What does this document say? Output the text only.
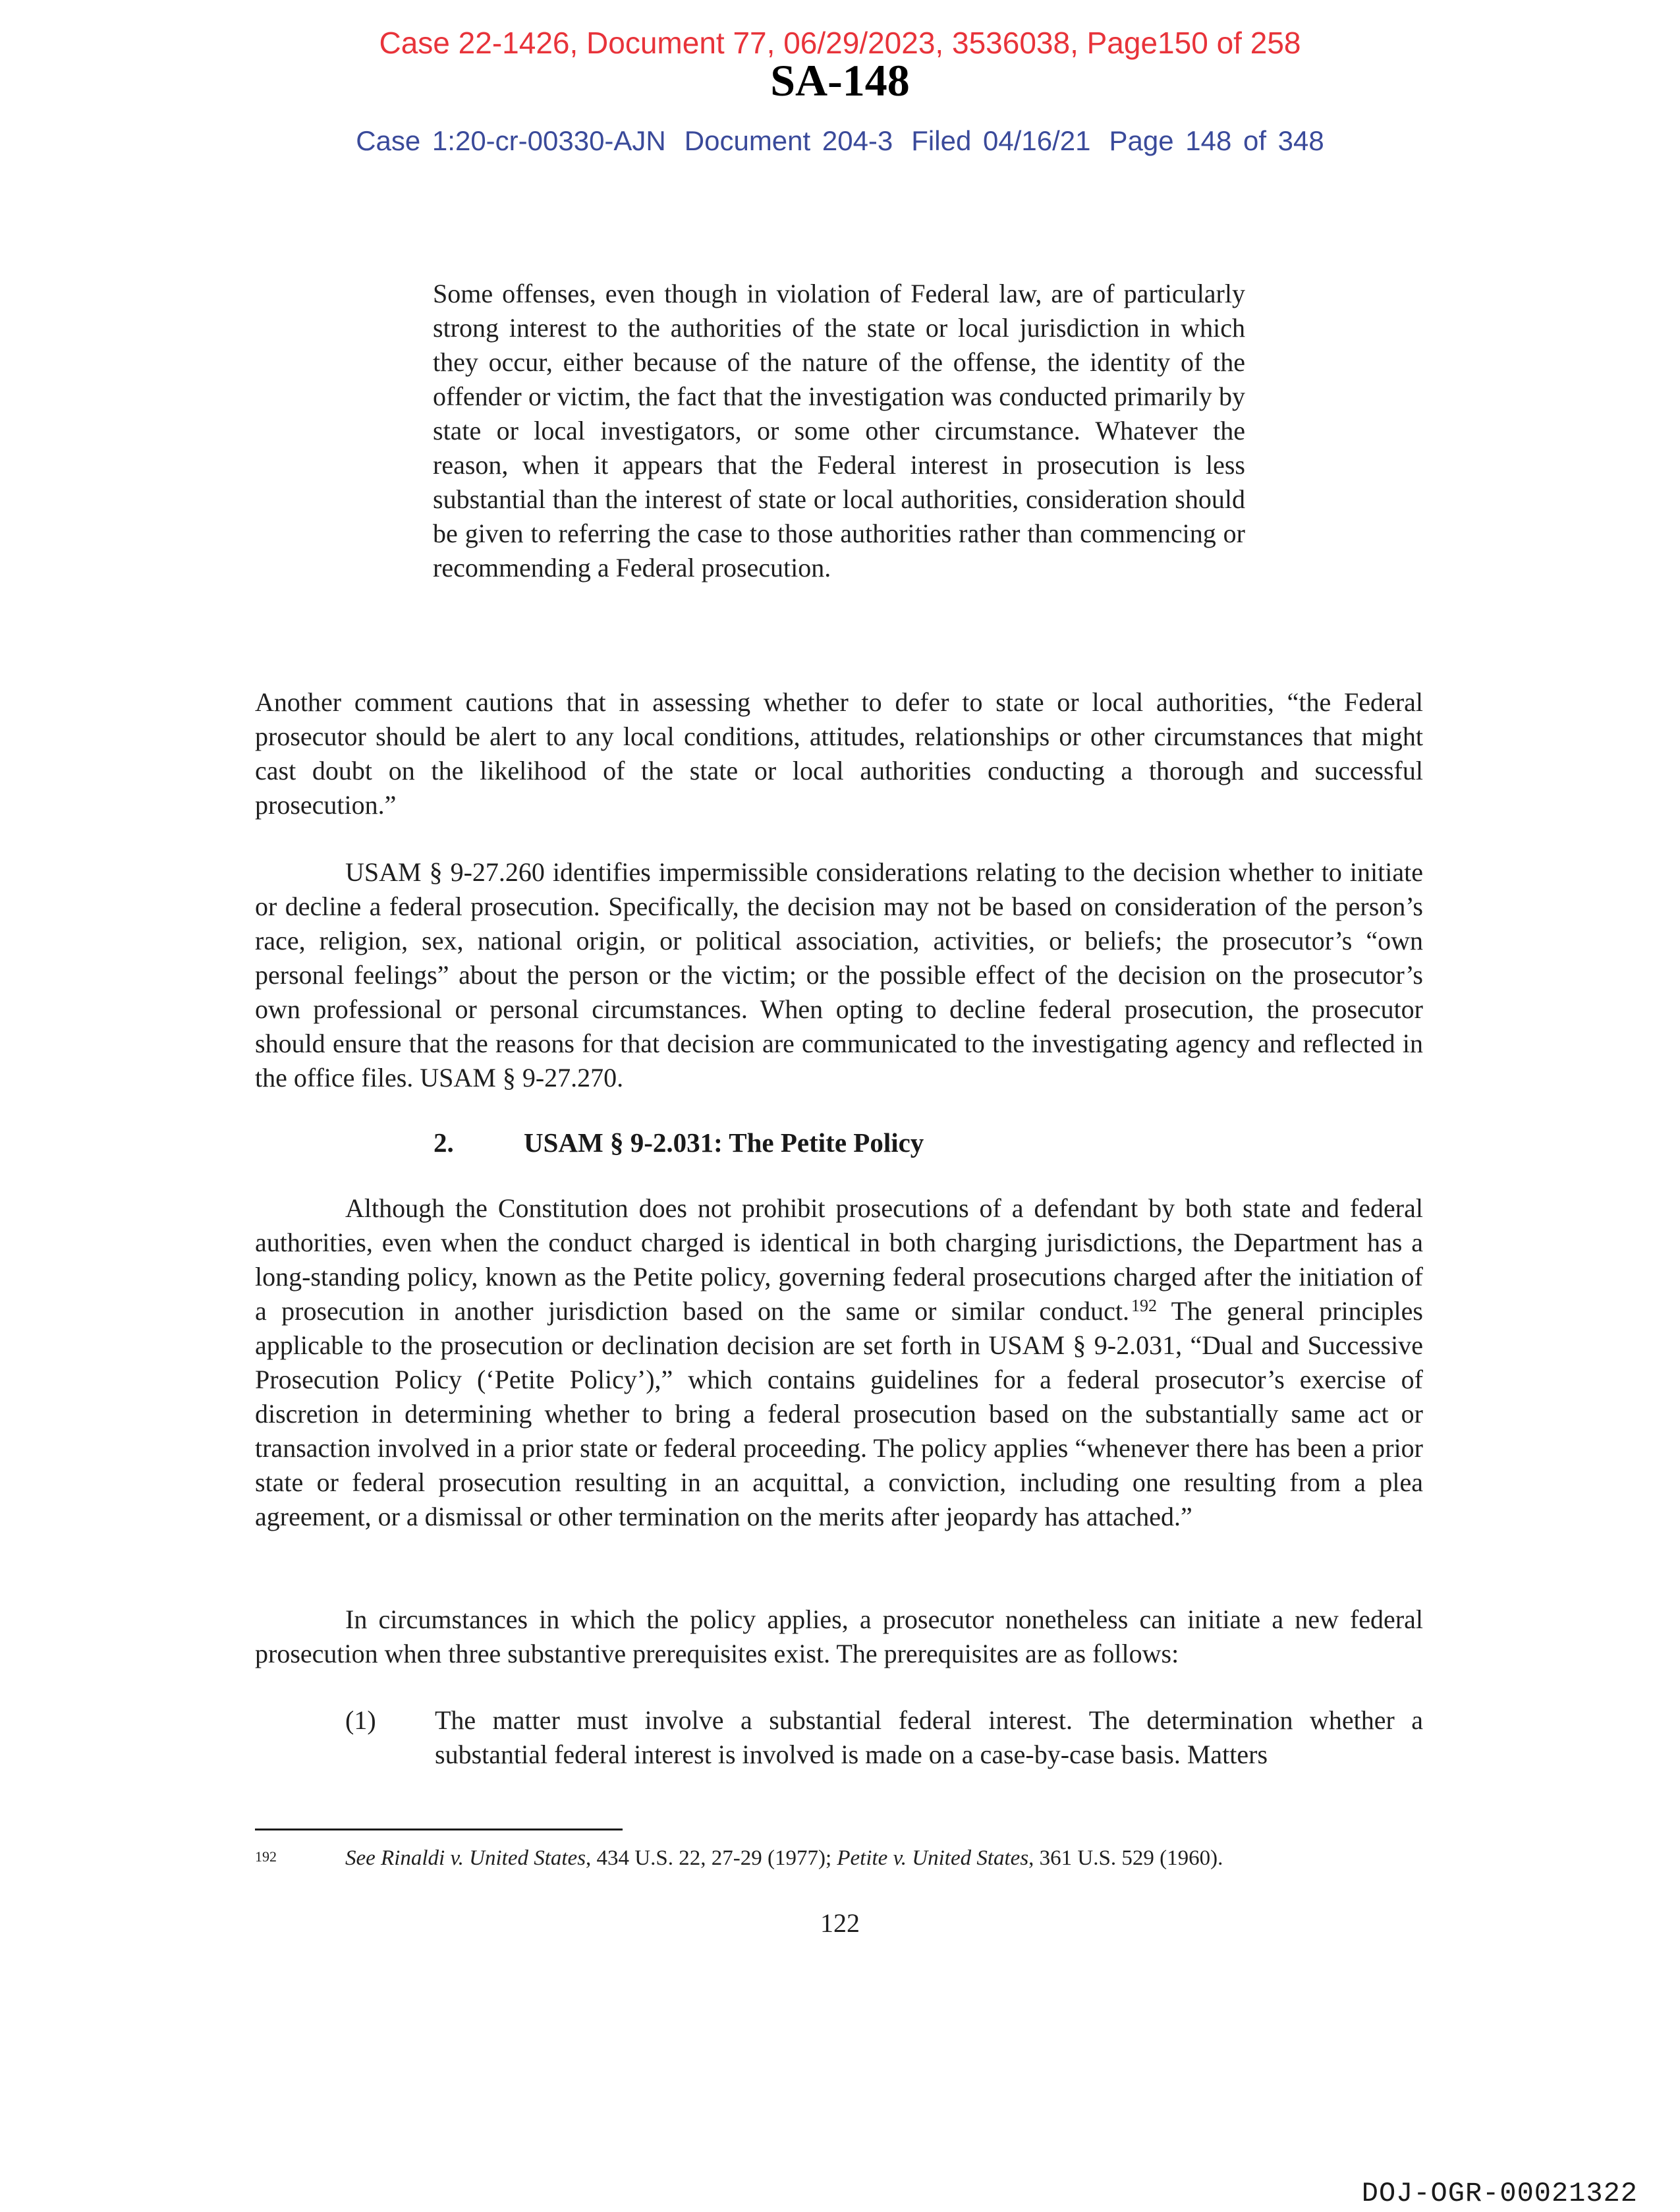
Case 22-1426, Document 77, 06/29/2023, 3536038, Page150 of 258
SA-148
Case 1:20-cr-00330-AJN Document 204-3 Filed 04/16/21 Page 148 of 348
Some offenses, even though in violation of Federal law, are of particularly strong interest to the authorities of the state or local jurisdiction in which they occur, either because of the nature of the offense, the identity of the offender or victim, the fact that the investigation was conducted primarily by state or local investigators, or some other circumstance. Whatever the reason, when it appears that the Federal interest in prosecution is less substantial than the interest of state or local authorities, consideration should be given to referring the case to those authorities rather than commencing or recommending a Federal prosecution.
Another comment cautions that in assessing whether to defer to state or local authorities, “the Federal prosecutor should be alert to any local conditions, attitudes, relationships or other circumstances that might cast doubt on the likelihood of the state or local authorities conducting a thorough and successful prosecution.”
USAM § 9-27.260 identifies impermissible considerations relating to the decision whether to initiate or decline a federal prosecution. Specifically, the decision may not be based on consideration of the person’s race, religion, sex, national origin, or political association, activities, or beliefs; the prosecutor’s “own personal feelings” about the person or the victim; or the possible effect of the decision on the prosecutor’s own professional or personal circumstances. When opting to decline federal prosecution, the prosecutor should ensure that the reasons for that decision are communicated to the investigating agency and reflected in the office files. USAM § 9-27.270.
2.	USAM § 9-2.031: The Petite Policy
Although the Constitution does not prohibit prosecutions of a defendant by both state and federal authorities, even when the conduct charged is identical in both charging jurisdictions, the Department has a long-standing policy, known as the Petite policy, governing federal prosecutions charged after the initiation of a prosecution in another jurisdiction based on the same or similar conduct. $^{192}$ The general principles applicable to the prosecution or declination decision are set forth in USAM § 9-2.031, “Dual and Successive Prosecution Policy (‘Petite Policy’),” which contains guidelines for a federal prosecutor’s exercise of discretion in determining whether to bring a federal prosecution based on the substantially same act or transaction involved in a prior state or federal proceeding. The policy applies “whenever there has been a prior state or federal prosecution resulting in an acquittal, a conviction, including one resulting from a plea agreement, or a dismissal or other termination on the merits after jeopardy has attached.”
In circumstances in which the policy applies, a prosecutor nonetheless can initiate a new federal prosecution when three substantive prerequisites exist. The prerequisites are as follows:
(1) The matter must involve a substantial federal interest. The determination whether a substantial federal interest is involved is made on a case-by-case basis. Matters
192	See Rinaldi v. United States, 434 U.S. 22, 27-29 (1977); Petite v. United States, 361 U.S. 529 (1960).
122
DOJ-OGR-00021322
